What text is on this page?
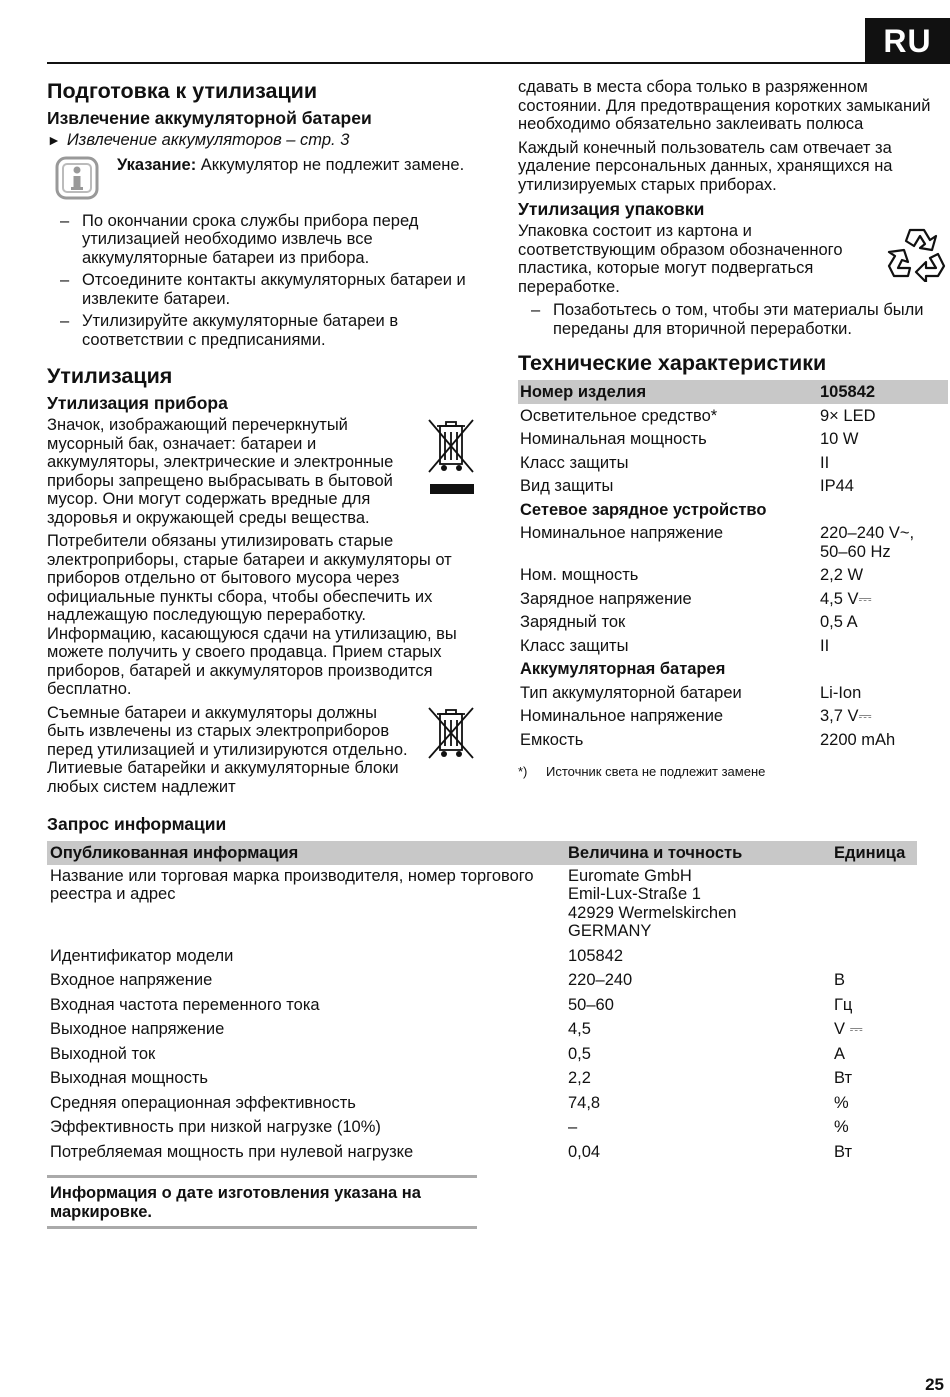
RU
Подготовка к утилизации
Извлечение аккумуляторной батареи

► Извлечение аккумуляторов – стр. 3

Указание: Аккумулятор не подлежит замене.
– По окончании срока службы прибора перед утилизацией необходимо извлечь все аккумуляторные батареи из прибора.
– Отсоедините контакты аккумуляторных батареи и извлеките батареи.
– Утилизируйте аккумуляторные батареи в соответствии с предписаниями.
Утилизация
Утилизация прибора

Значок, изображающий перечеркнутый мусорный бак, означает: батареи и аккумуляторы, электрические и электронные приборы запрещено выбрасывать в бытовой мусор. Они могут содержать вредные для здоровья и окружающей среды вещества.

Потребители обязаны утилизировать старые электроприборы, старые батареи и аккумуляторы от приборов отдельно от бытового мусора через официальные пункты сбора, чтобы обеспечить их надлежащую последующую переработку. Информацию, касающуюся сдачи на утилизацию, вы можете получить у своего продавца. Прием старых приборов, батарей и аккумуляторов производится бесплатно.

Съемные батареи и аккумуляторы должны быть извлечены из старых электроприборов перед утилизацией и утилизируются отдельно. Литиевые батарейки и аккумуляторные блоки любых систем надлежит

сдавать в места сбора только в разряженном состоянии. Для предотвращения коротких замыканий необходимо обязательно заклеивать полюса

Каждый конечный пользователь сам отвечает за удаление персональных данных, хранящихся на утилизируемых старых приборах.

Утилизация упаковки

Упаковка состоит из картона и соответствующим образом обозначенного пластика, которые могут подвергаться переработке.

– Позаботьтесь о том, чтобы эти материалы были переданы для вторичной переработки.
Технические характеристики
Номер изделия	105842
Осветительное средство*	9× LED
Номинальная мощность	10 W
Класс защиты	II
Вид защиты	IP44
Сетевое зарядное устройство	
Номинальное напряжение	220–240 V~, 50–60 Hz
Ном. мощность	2,2 W
Зарядное напряжение	4,5 V⎓
Зарядный ток	0,5 A
Класс защиты	II
Аккумуляторная батарея	
Тип аккумуляторной батареи	Li-Ion
Номинальное напряжение	3,7 V⎓
Емкость	2200 mAh
*) Источник света не подлежит замене
Запрос информации
Опубликованная информация	Величина и точность	Единица
Название или торговая марка производителя, номер торгового реестра и адрес	Euromate GmbH
Emil-Lux-Straße 1
42929 Wermelskirchen
GERMANY	
Идентификатор модели	105842	
Входное напряжение	220–240	В
Входная частота переменного тока	50–60	Гц
Выходное напряжение	4,5	V ⎓
Выходной ток	0,5	А
Выходная мощность	2,2	Вт
Средняя операционная эффективность	74,8	%
Эффективность при низкой нагрузке (10%)	–	%
Потребляемая мощность при нулевой нагрузке	0,04	Вт
Информация о дате изготовления указана на маркировке.
25
